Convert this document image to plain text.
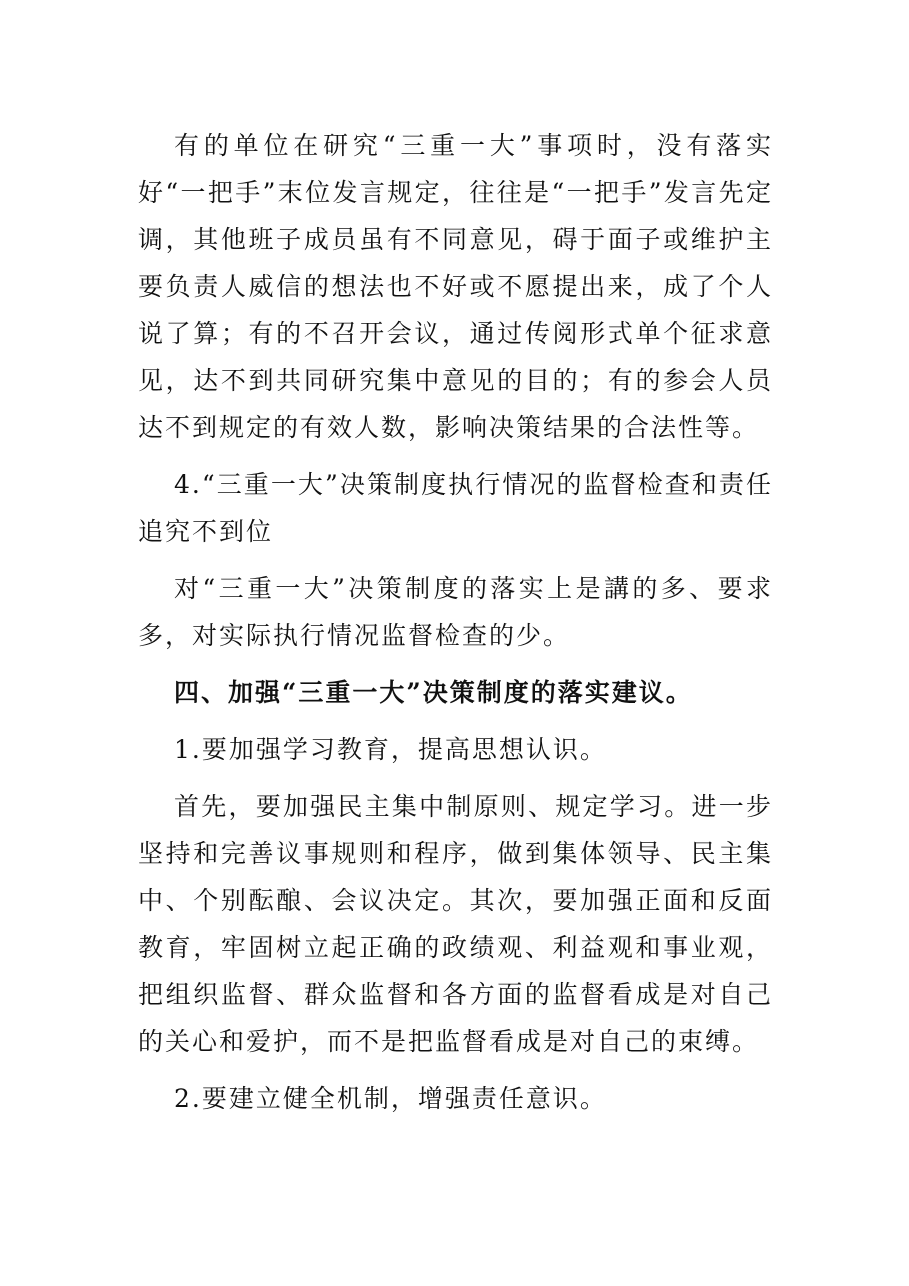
有的单位在研究“三重一大”事项时，没有落实好“一把手”末位发言规定，往往是“一把手”发言先定调，其他班子成员虽有不同意见，碍于面子或维护主要负责人威信的想法也不好或不愿提出来，成了个人说了算；有的不召开会议，通过传阅形式单个征求意见，达不到共同研究集中意见的目的；有的参会人员达不到规定的有效人数，影响决策结果的合法性等。

4.“三重一大”决策制度执行情况的监督检查和责任追究不到位

对“三重一大”决策制度的落实上是講的多、要求多，对实际执行情况监督检查的少。

四、加强“三重一大”决策制度的落实建议。

1.要加强学习教育，提高思想认识。

首先，要加强民主集中制原则、规定学习。进一步坚持和完善议事规则和程序，做到集体领导、民主集中、个别酝酿、会议决定。其次，要加强正面和反面教育，牢固树立起正确的政绩观、利益观和事业观，把组织监督、群众监督和各方面的监督看成是对自己的关心和爱护，而不是把监督看成是对自己的束缚。

2.要建立健全机制，增强责任意识。
